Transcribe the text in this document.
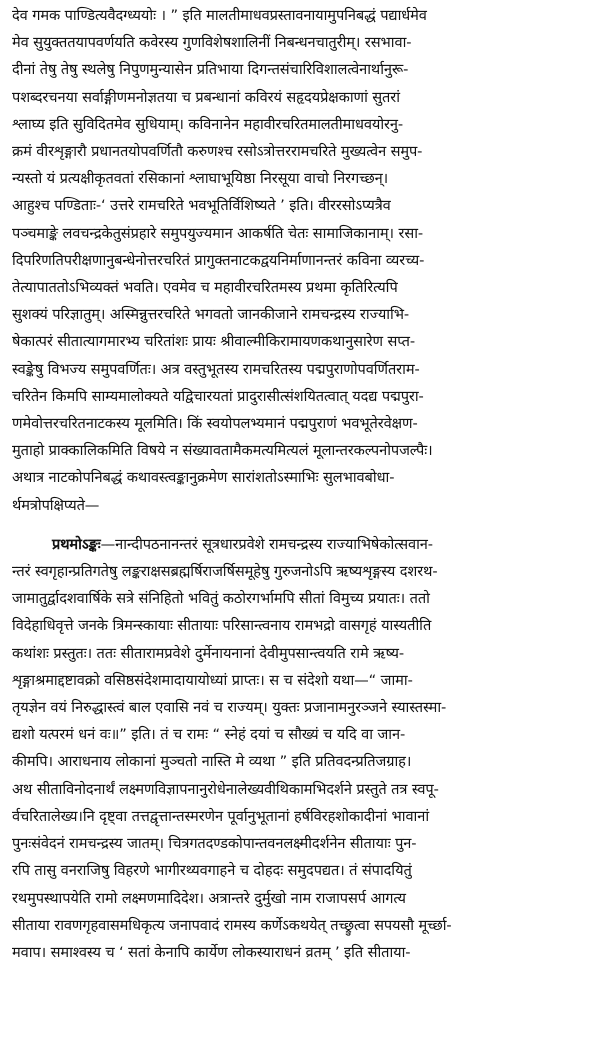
देव गमक पाण्डित्यवैदग्ध्ययोः । ” इति मालतीमाधवप्रस्तावनायामुपनिबद्धं पद्यार्धमेव

मेव सुयुक्ततयापवर्णयति कवेरस्य गुणविशेषशालिनीं निबन्धनचातुरीम्। रसभावा-

दीनां तेषु तेषु स्थलेषु निपुणमुन्यासेन प्रतिभाया दिगन्तसंचारिविशालत्वेनार्थानुरू-

पशब्दरचनया सर्वाङ्गीणमनोज्ञतया च प्रबन्धानां कविरयं सहृदयप्रेक्षकाणां सुतरां

श्लाघ्य इति सुविदितमेव सुधियाम्। कविनानेन महावीरचरितमालतीमाधवयोरनु-

क्रमं वीरशृङ्गारौ प्रधानतयोपवर्णितौ करुणश्च रसोऽत्रोत्तररामचरिते मुख्यत्वेन समुप-

न्यस्तो यं प्रत्यक्षीकृतवतां रसिकानां श्लाघाभूयिष्ठा निरसूया वाचो निरगच्छन्।

आहुश्च पण्डिताः-‘ उत्तरे रामचरिते भवभूतिर्विशिष्यते ’ इति। वीररसोऽप्यत्रैव

पञ्चमाङ्के लवचन्द्रकेतुसंप्रहारे समुपयुज्यमान आकर्षति चेतः सामाजिकानाम्। रसा-

दिपरिणतिपरीक्षणानुबन्धेनोत्तरचरितं प्रागुक्तनाटकद्वयनिर्माणानन्तरं कविना व्यरच्य-

तेत्यापाततोऽभिव्यक्तं भवति। एवमेव च महावीरचरितमस्य प्रथमा कृतिरित्यपि

सुशक्यं परिज्ञातुम्। अस्मिन्नुत्तरचरिते भगवतो जानकीजाने रामचन्द्रस्य राज्याभि-

षेकात्परं सीतात्यागमारभ्य चरितांशः प्रायः श्रीवाल्मीकिरामायणकथानुसारेण सप्त-

स्वङ्केषु विभज्य समुपवर्णितः। अत्र वस्तुभूतस्य रामचरितस्य पद्मपुराणोपवर्णितराम-

चरितेन किमपि साम्यमालोक्यते यद्विचारयतां प्रादुरासीत्संशयितत्वात् यदद्य पद्मपुरा-

णमेवोत्तरचरितनाटकस्य मूलमिति। किं स्वयोपलभ्यमानं पद्मपुराणं भवभूतेरवेक्षण-

मुताहो प्राक्कालिकमिति विषये न संख्यावतामैकमत्यमित्यलं मूलान्तरकल्पनोपजल्पैः।

अथात्र नाटकोपनिबद्धं कथावस्त्वङ्कानुक्रमेण सारांशतोऽस्माभिः सुलभावबोधा-

र्थमत्रोपक्षिप्यते—

प्रथमोऽङ्कः—नान्दीपठनानन्तरं सूत्रधारप्रवेशे रामचन्द्रस्य राज्याभिषेकोत्सवान-

न्तरं स्वगृहान्प्रतिगतेषु लङ्कराक्षसब्रह्मर्षिराजर्षिसमूहेषु गुरुजनोऽपि ऋष्यशृङ्गस्य दशरथ-

जामातुर्द्वादशवार्षिके सत्रे संनिहितो भवितुं कठोरगर्भामपि सीतां विमुच्य प्रयातः। ततो

विदेहाधिवृत्ते जनके त्रिमन्स्कायाः सीतायाः परिसान्त्वनाय रामभद्रो वासगृहं यास्यतीति

कथांशः प्रस्तुतः। ततः सीतारामप्रवेशे दुर्मेनायनानां देवीमुपसान्त्वयति रामे ऋष्य-

शृङ्गाश्रमाद्दष्टावक्रो वसिष्ठसंदेशमादायायोध्यां प्राप्तः। स च संदेशो यथा—“ जामा-

तृयज्ञेन वयं निरुद्धास्त्वं बाल एवासि नवं च राज्यम्। युक्तः प्रजानामनुरञ्जने स्यास्तस्मा-

द्यशो यत्परमं धनं वः॥” इति। तं च रामः “ स्नेहं दयां च सौख्यं च यदि वा जान-

कीमपि। आराधनाय लोकानां मुञ्चतो नास्ति मे व्यथा ” इति प्रतिवदन्प्रतिजग्राह।

अथ सीताविनोदनार्थं लक्ष्मणविज्ञापनानुरोधेनालेख्यवीथिकामभिदर्शने प्रस्तुते तत्र स्वपू-

र्वचरितालेख्य।नि दृष्ट्वा तत्तद्वृत्तान्तस्मरणेन पूर्वानुभूतानां हर्षविरहशोकादीनां भावानां

पुनःसंवेदनं रामचन्द्रस्य जातम्। चित्रगतदण्डकोपान्तवनलक्ष्मीदर्शनेन सीतायाः पुन-

रपि तासु वनराजिषु विहरणे भागीरथ्यवगाहने च दोहदः समुदपद्यत। तं संपादयितुं

रथमुपस्थापयेति रामो लक्ष्मणमादिदेश। अत्रान्तरे दुर्मुखो नाम राजापसर्प आगत्य

सीताया रावणगृहवासमधिकृत्य जनापवादं रामस्य कर्णेऽकथयेत् तच्छ्रुत्वा सपयसौ मूर्च्छा-

मवाप। समाश्वस्य च ‘ सतां केनापि कार्येण लोकस्याराधनं व्रतम् ’ इति सीताया-
